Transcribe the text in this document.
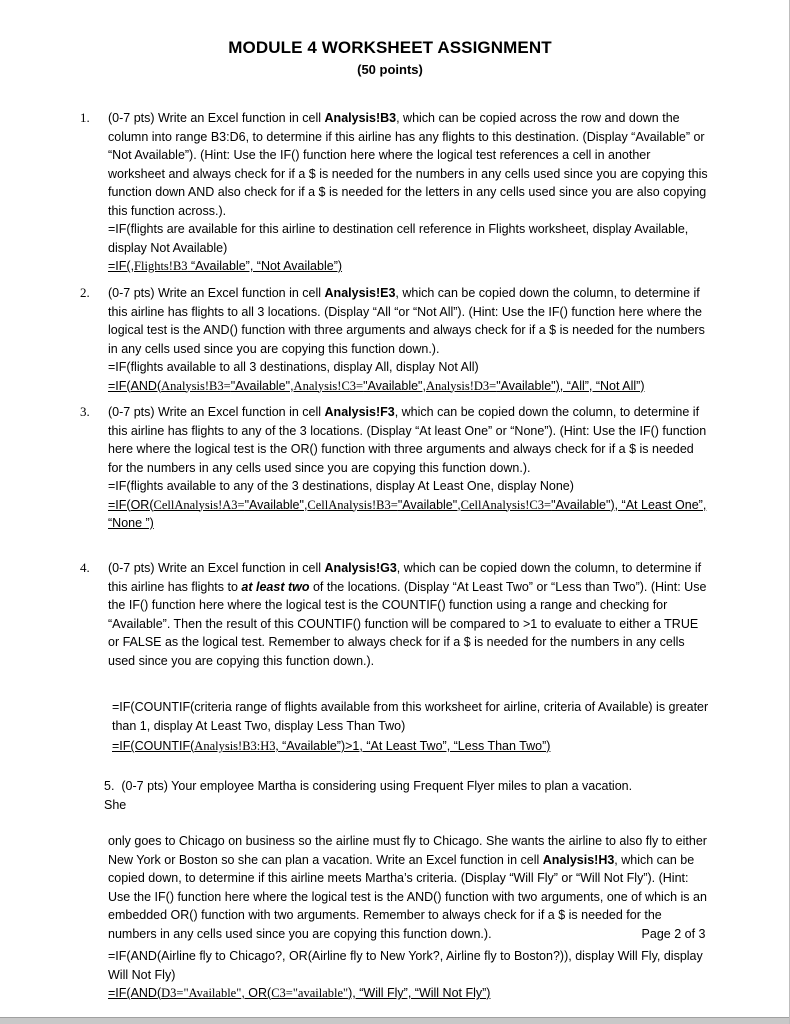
MODULE 4 WORKSHEET ASSIGNMENT
(50 points)
1. (0-7 pts) Write an Excel function in cell Analysis!B3, which can be copied across the row and down the column into range B3:D6, to determine if this airline has any flights to this destination. (Display “Available” or “Not Available”). (Hint: Use the IF() function here where the logical test references a cell in another worksheet and always check for if a $ is needed for the numbers in any cells used since you are copying this function down AND also check for if a $ is needed for the letters in any cells used since you are also copying this function across.).

=IF(flights are available for this airline to destination cell reference in Flights worksheet, display Available, display Not Available)

=IF(,Flights!B3 “Available”, “Not Available”)

2. (0-7 pts) Write an Excel function in cell Analysis!E3, which can be copied down the column, to determine if this airline has flights to all 3 locations. (Display “All “or “Not All”). (Hint: Use the IF() function here where the logical test is the AND() function with three arguments and always check for if a $ is needed for the numbers in any cells used since you are copying this function down.).

=IF(flights available to all 3 destinations, display All, display Not All)

=IF(AND(Analysis!B3="Available",Analysis!C3="Available",Analysis!D3="Available"), “All”, “Not All”)

3. (0-7 pts) Write an Excel function in cell Analysis!F3, which can be copied down the column, to determine if this airline has flights to any of the 3 locations. (Display “At least One” or “None”). (Hint: Use the IF() function here where the logical test is the OR() function with three arguments and always check for if a $ is needed for the numbers in any cells used since you are copying this function down.).

=IF(flights available to any of the 3 destinations, display At Least One, display None)

=IF(OR(CellAnalysis!A3="Available",CellAnalysis!B3="Available",CellAnalysis!C3="Available"), “At Least One”, “None ”)

4. (0-7 pts) Write an Excel function in cell Analysis!G3, which can be copied down the column, to determine if this airline has flights to at least two of the locations. (Display “At Least Two” or “Less than Two”). (Hint: Use the IF() function here where the logical test is the COUNTIF() function using a range and checking for “Available”. Then the result of this COUNTIF() function will be compared to >1 to evaluate to either a TRUE or FALSE as the logical test. Remember to always check for if a $ is needed for the numbers in any cells used since you are copying this function down.).

=IF(COUNTIF(criteria range of flights available from this worksheet for airline, criteria of Available) is greater than 1, display At Least Two, display Less Than Two)

=IF(COUNTIF(Analysis!B3:H3, “Available”)>1, “At Least Two”, “Less Than Two”)

5. (0-7 pts) Your employee Martha is considering using Frequent Flyer miles to plan a vacation.

She

only goes to Chicago on business so the airline must fly to Chicago. She wants the airline to also fly to either New York or Boston so she can plan a vacation. Write an Excel function in cell Analysis!H3, which can be copied down, to determine if this airline meets Martha’s criteria. (Display “Will Fly” or “Will Not Fly”). (Hint: Use the IF() function here where the logical test is the AND() function with two arguments, one of which is an embedded OR() function with two arguments. Remember to always check for if a $ is needed for the numbers in any cells used since you are copying this function down.).	Page 2 of 3

=IF(AND(Airline fly to Chicago?, OR(Airline fly to New York?, Airline fly to Boston?)), display Will Fly, display Will Not Fly)

=IF(AND(D3="Available", OR(C3="available"), “Will Fly”, “Will Not Fly”)
